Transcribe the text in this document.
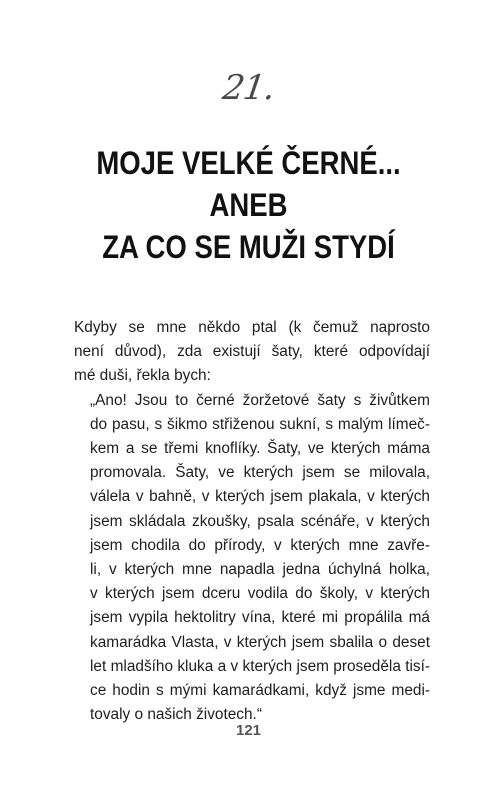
21.
MOJE VELKÉ ČERNÉ...
ANEB
ZA CO SE MUŽI STYDÍ
Kdyby se mne někdo ptal (k čemuž naprosto
není důvod), zda existují šaty, které odpovídají
mé duši, řekla bych:
„Ano! Jsou to černé žoržetové šaty s živůtkem
do pasu, s šikmo střiženou sukní, s malým límeč-
kem a se třemi knoflíky. Šaty, ve kterých máma
promovala. Šaty, ve kterých jsem se milovala,
válela v bahně, v kterých jsem plakala, v kterých
jsem skládala zkoušky, psala scénáře, v kterých
jsem chodila do přírody, v kterých mne zavře-
li, v kterých mne napadla jedna úchylná holka,
v kterých jsem dceru vodila do školy, v kterých
jsem vypila hektolitry vína, které mi propálila má
kamarádka Vlasta, v kterých jsem sbalila o deset
let mladšího kluka a v kterých jsem proseděla tisí-
ce hodin s mými kamarádkami, když jsme medi-
tovaly o našich životech.“
121
